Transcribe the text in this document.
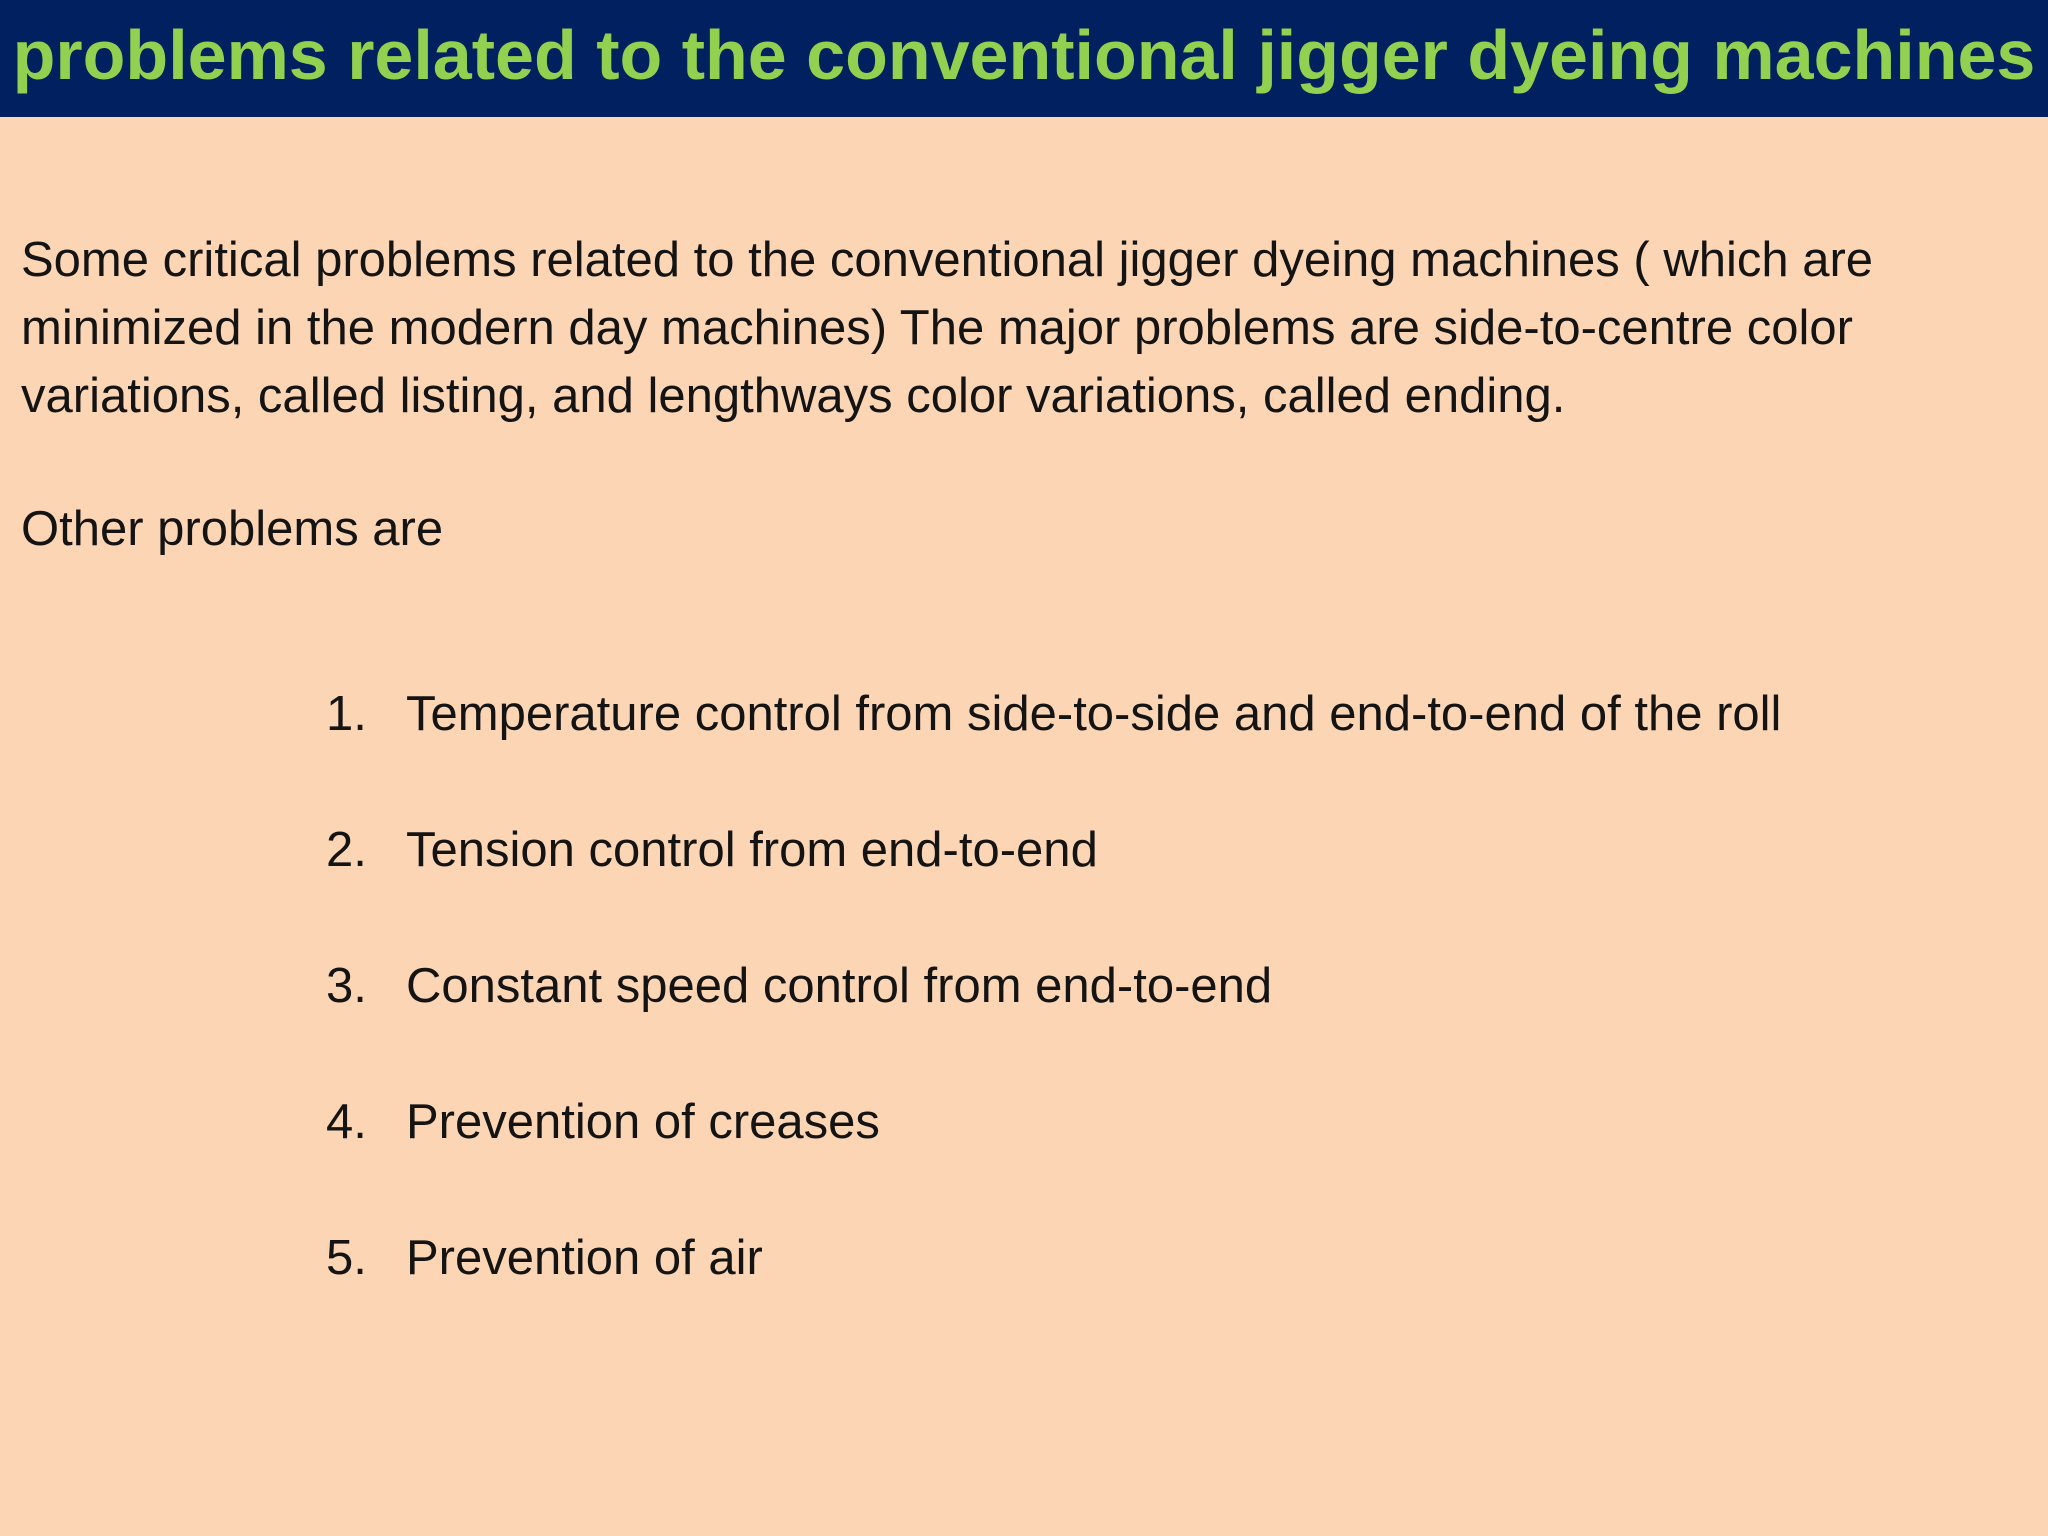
problems related to the conventional jigger dyeing machines

Some critical problems related to the conventional jigger dyeing machines ( which are minimized in the modern day machines) The major problems are side-to-centre color variations, called listing, and lengthways color variations, called ending.

Other problems are

1. Temperature control from side-to-side and end-to-end of the roll
2. Tension control from end-to-end
3. Constant speed control from end-to-end
4. Prevention of creases
5. Prevention of air
